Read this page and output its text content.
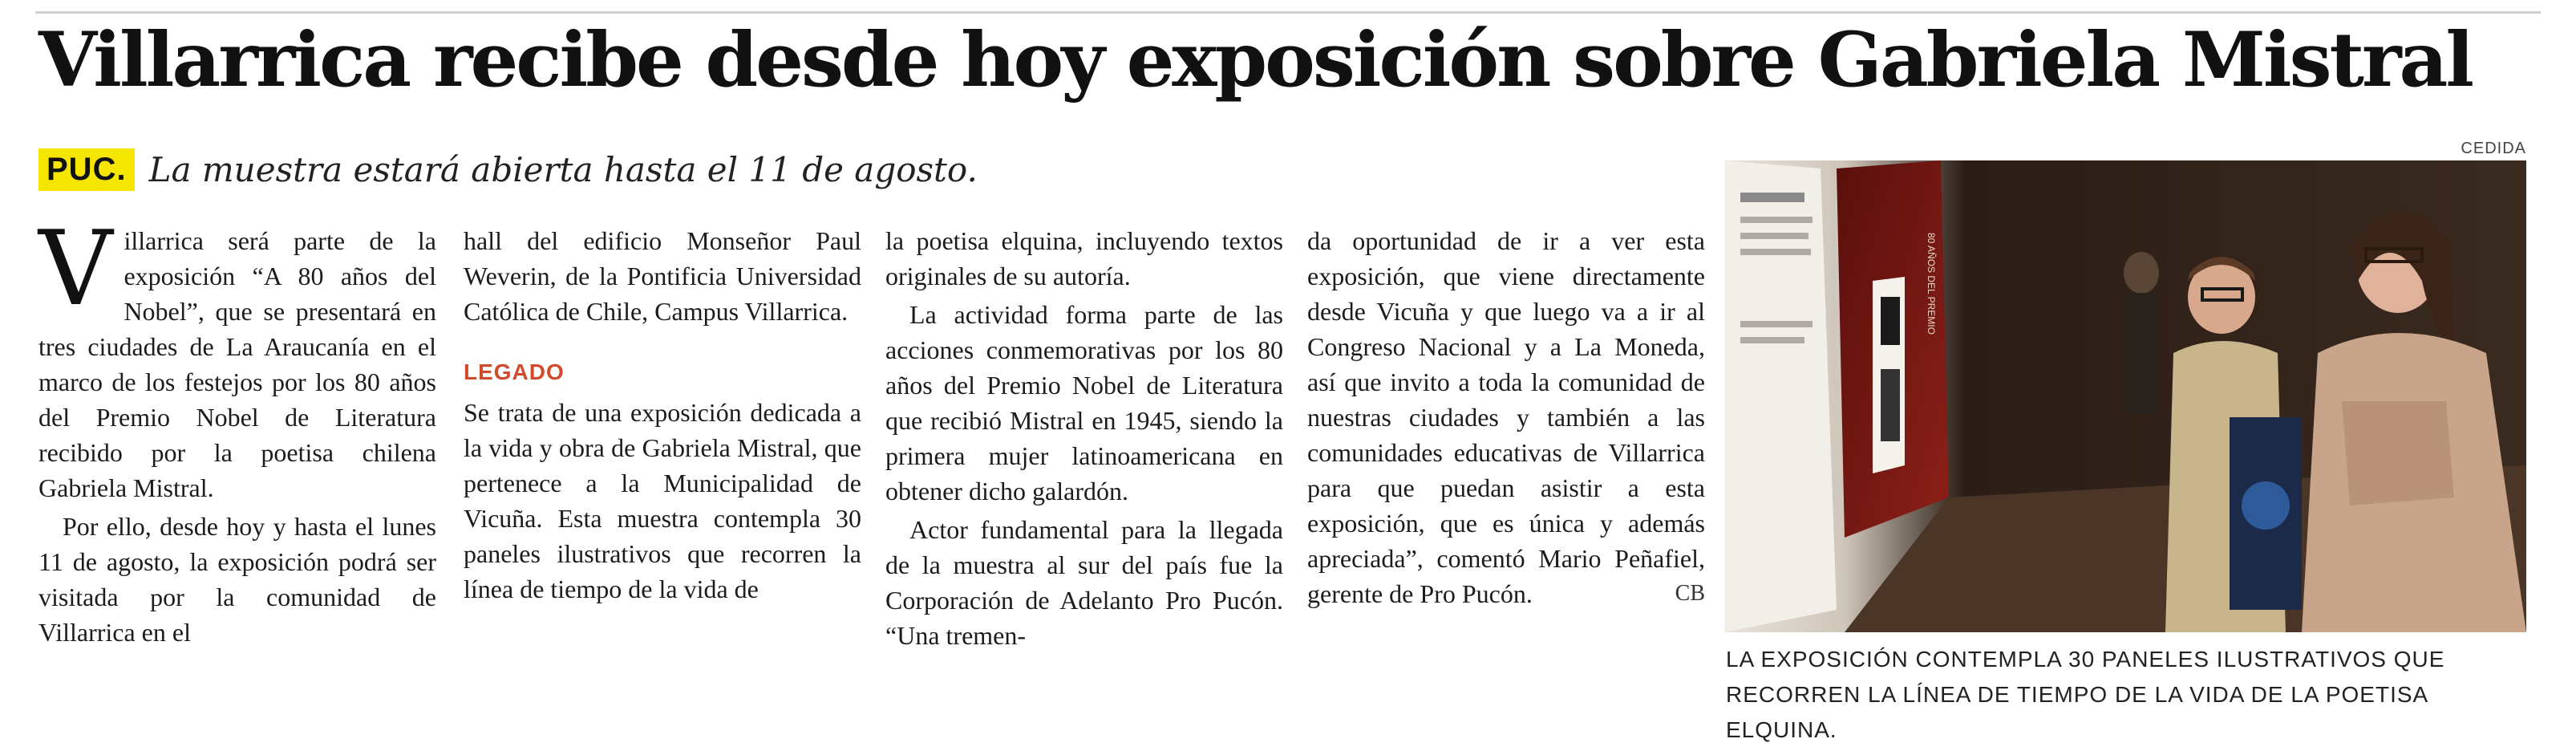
Villarrica recibe desde hoy exposición sobre Gabriela Mistral
PUC. La muestra estará abierta hasta el 11 de agosto.

Villarrica será parte de la exposición “A 80 años del Nobel”, que se presentará en tres ciudades de La Araucanía en el marco de los festejos por los 80 años del Premio Nobel de Literatura recibido por la poetisa chilena Gabriela Mistral.

Por ello, desde hoy y hasta el lunes 11 de agosto, la exposición podrá ser visitada por la comunidad de Villarrica en el

hall del edificio Monseñor Paul Weverin, de la Pontificia Universidad Católica de Chile, Campus Villarrica.

LEGADO

Se trata de una exposición dedicada a la vida y obra de Gabriela Mistral, que pertenece a la Municipalidad de Vicuña. Esta muestra contempla 30 paneles ilustrativos que recorren la línea de tiempo de la vida de

la poetisa elquina, incluyendo textos originales de su autoría.

La actividad forma parte de las acciones conmemorativas por los 80 años del Premio Nobel de Literatura que recibió Mistral en 1945, siendo la primera mujer latinoamericana en obtener dicho galardón.

Actor fundamental para la llegada de la muestra al sur del país fue la Corporación de Adelanto Pro Pucón. “Una tremen-

da oportunidad de ir a ver esta exposición, que viene directamente desde Vicuña y que luego va a ir al Congreso Nacional y a La Moneda, así que invito a toda la comunidad de nuestras ciudades y también a las comunidades educativas de Villarrica para que puedan asistir a esta exposición, que es única y además apreciada”, comentó Mario Peñafiel, gerente de Pro Pucón.	CB

CEDIDA
80 AÑOS DEL PREMIO
LA EXPOSICIÓN CONTEMPLA 30 PANELES ILUSTRATIVOS QUE RECORREN LA LÍNEA DE TIEMPO DE LA VIDA DE LA POETISA ELQUINA.
